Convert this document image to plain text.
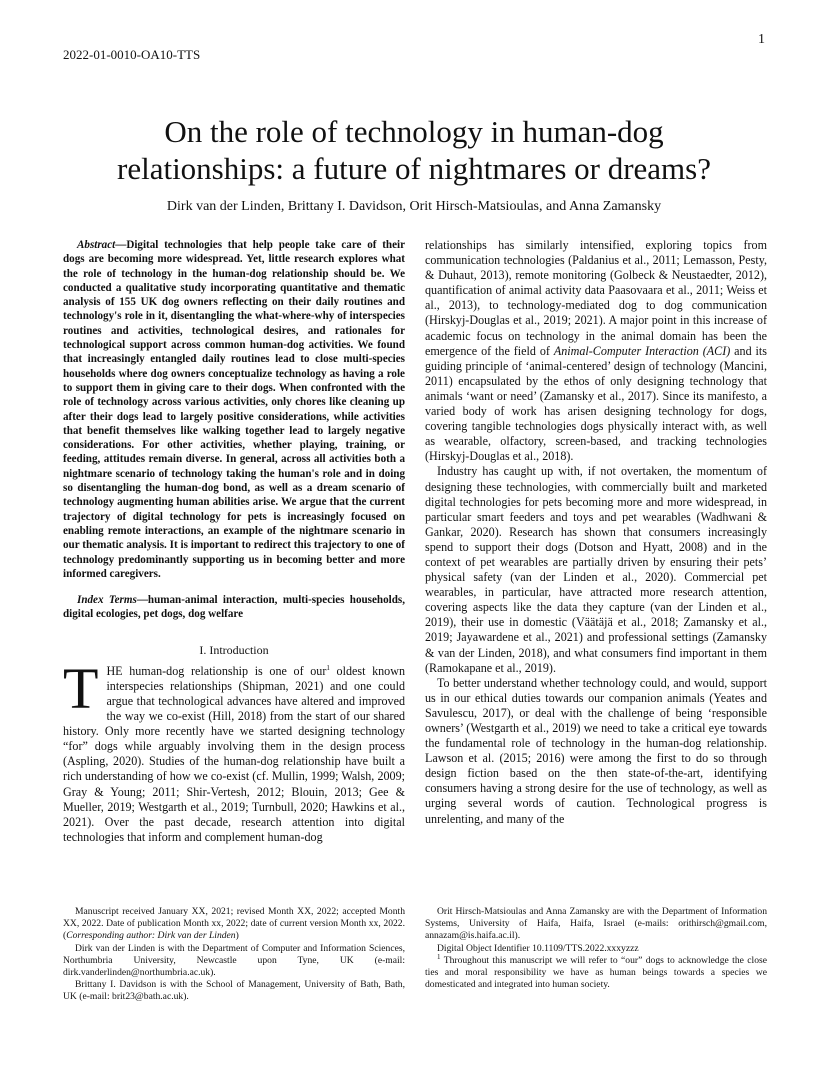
1
2022-01-0010-OA10-TTS
On the role of technology in human-dog
relationships: a future of nightmares or dreams?
Dirk van der Linden, Brittany I. Davidson, Orit Hirsch-Matsioulas, and Anna Zamansky

Abstract—Digital technologies that help people take care of their dogs are becoming more widespread. Yet, little research explores what the role of technology in the human-dog relationship should be. We conducted a qualitative study incorporating quantitative and thematic analysis of 155 UK dog owners reflecting on their daily routines and technology's role in it, disentangling the what-where-why of interspecies routines and activities, technological desires, and rationales for technological support across common human-dog activities. We found that increasingly entangled daily routines lead to close multi-species households where dog owners conceptualize technology as having a role to support them in giving care to their dogs. When confronted with the role of technology across various activities, only chores like cleaning up after their dogs lead to largely positive considerations, while activities that benefit themselves like walking together lead to largely negative considerations. For other activities, whether playing, training, or feeding, attitudes remain diverse. In general, across all activities both a nightmare scenario of technology taking the human's role and in doing so disentangling the human-dog bond, as well as a dream scenario of technology augmenting human abilities arise. We argue that the current trajectory of digital technology for pets is increasingly focused on enabling remote interactions, an example of the nightmare scenario in our thematic analysis. It is important to redirect this trajectory to one of technology predominantly supporting us in becoming better and more informed caregivers.

Index Terms—human-animal interaction, multi-species households, digital ecologies, pet dogs, dog welfare

I. Introduction

THE human-dog relationship is one of our$^1$ oldest known interspecies relationships (Shipman, 2021) and one could argue that technological advances have altered and improved the way we co-exist (Hill, 2018) from the start of our shared history. Only more recently have we started designing technology “for” dogs while arguably involving them in the design process (Aspling, 2020). Studies of the human-dog relationship have built a rich understanding of how we co-exist (cf. Mullin, 1999; Walsh, 2009; Gray & Young; 2011; Shir-Vertesh, 2012; Blouin, 2013; Gee & Mueller, 2019; Westgarth et al., 2019; Turnbull, 2020; Hawkins et al., 2021). Over the past decade, research attention into digital technologies that inform and complement human-dog

relationships has similarly intensified, exploring topics from communication technologies (Paldanius et al., 2011; Lemasson, Pesty, & Duhaut, 2013), remote monitoring (Golbeck & Neustaedter, 2012), quantification of animal activity data Paasovaara et al., 2011; Weiss et al., 2013), to technology-mediated dog to dog communication (Hirskyj-Douglas et al., 2019; 2021). A major point in this increase of academic focus on technology in the animal domain has been the emergence of the field of Animal-Computer Interaction (ACI) and its guiding principle of ‘animal-centered’ design of technology (Mancini, 2011) encapsulated by the ethos of only designing technology that animals ‘want or need’ (Zamansky et al., 2017). Since its manifesto, a varied body of work has arisen designing technology for dogs, covering tangible technologies dogs physically interact with, as well as wearable, olfactory, screen-based, and tracking technologies (Hirskyj-Douglas et al., 2018).

Industry has caught up with, if not overtaken, the momentum of designing these technologies, with commercially built and marketed digital technologies for pets becoming more and more widespread, in particular smart feeders and toys and pet wearables (Wadhwani & Gankar, 2020). Research has shown that consumers increasingly spend to support their dogs (Dotson and Hyatt, 2008) and in the context of pet wearables are partially driven by ensuring their pets’ physical safety (van der Linden et al., 2020). Commercial pet wearables, in particular, have attracted more research attention, covering aspects like the data they capture (van der Linden et al., 2019), their use in domestic (Väätäjä et al., 2018; Zamansky et al., 2019; Jayawardene et al., 2021) and professional settings (Zamansky & van der Linden, 2018), and what consumers find important in them (Ramokapane et al., 2019).

To better understand whether technology could, and would, support us in our ethical duties towards our companion animals (Yeates and Savulescu, 2017), or deal with the challenge of being ‘responsible owners’ (Westgarth et al., 2019) we need to take a critical eye towards the fundamental role of technology in the human-dog relationship. Lawson et al. (2015; 2016) were among the first to do so through design fiction based on the then state-of-the-art, identifying consumers having a strong desire for the use of technology, as well as urging several words of caution. Technological progress is unrelenting, and many of the

Manuscript received January XX, 2021; revised Month XX, 2022; accepted Month XX, 2022. Date of publication Month xx, 2022; date of current version Month xx, 2022. (Corresponding author: Dirk van der Linden)

Dirk van der Linden is with the Department of Computer and Information Sciences, Northumbria University, Newcastle upon Tyne, UK (e-mail: dirk.vanderlinden@northumbria.ac.uk).

Brittany I. Davidson is with the School of Management, University of Bath, Bath, UK (e-mail: brit23@bath.ac.uk).

Orit Hirsch-Matsioulas and Anna Zamansky are with the Department of Information Systems, University of Haifa, Haifa, Israel (e-mails: orithirsch@gmail.com, annazam@is.haifa.ac.il).

Digital Object Identifier 10.1109/TTS.2022.xxxyzzz

$^1$ Throughout this manuscript we will refer to “our” dogs to acknowledge the close ties and moral responsibility we have as human beings towards a species we domesticated and integrated into human society.
